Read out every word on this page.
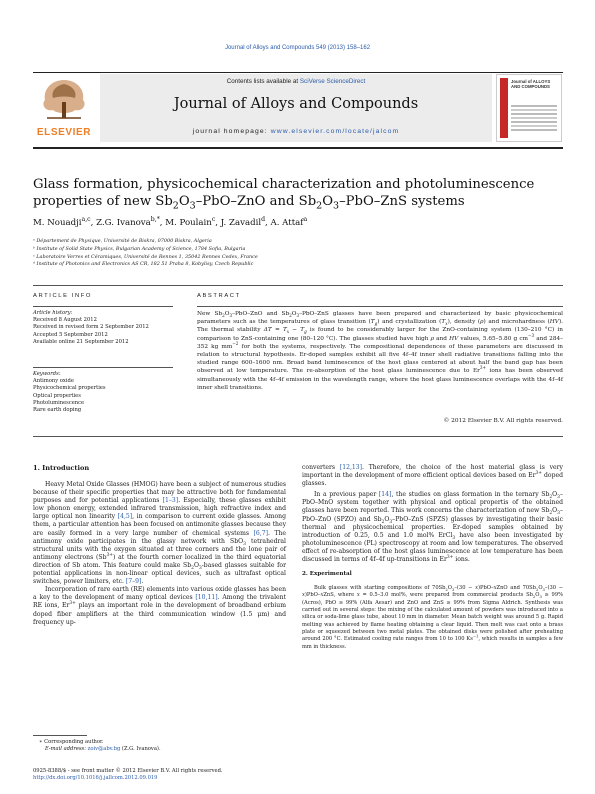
Journal of Alloys and Compounds 549 (2013) 158–162
ELSEVIER
Contents lists available at SciVerse ScienceDirect
Journal of Alloys and Compounds
journal homepage: www.elsevier.com/locate/jalcom
Journal of ALLOYS AND COMPOUNDS
Glass formation, physicochemical characterization and photoluminescence
properties of new $Sb_2O_3-PbO$–ZnO and $Sb_2O_3-PbO$–ZnS systems
M. Nouadji$^{a,c}$, Z.G. Ivanova$^{b,*}$, M. Poulain$^c$, J. Zavadil$^d$, A. Attaf$^a$
ᵃ Département de Physique, Université de Biskra, 07000 Biskra, Algeria
ᵇ Institute of Solid State Physics, Bulgarian Academy of Science, 1784 Sofia, Bulgaria
ᶜ Laboratoire Verres et Céramiques, Université de Rennes 1, 35042 Rennes Cedex, France
ᵈ Institute of Photonics and Electronics AS CR, 182 51 Praha 8, Kobylisy, Czech Republic
ARTICLE INFO
Article history:
Received 8 August 2012
Received in revised form 2 September 2012
Accepted 5 September 2012
Available online 21 September 2012
Keywords:
Antimony oxide
Physicochemical properties
Optical properties
Photoluminescence
Rare earth doping
ABSTRACT
New $Sb_2O_3-PbO$–ZnO and $Sb_2O_3-PbO$–ZnS glasses have been prepared and characterized by basic physicochemical parameters such as the temperatures of glass transition $(T_g)$ and crystallization $(T_x)$, density (ρ) and microhardness (HV). The thermal stability $\Delta T = T_x - T_g$ is found to be considerably larger for the ZnO-containing system (130–210 °C) in comparison to ZnS-containing one (80–120 °C). The glasses studied have high ρ and HV values, 5.65–5.80 g $cm^{-3}$ and 284–352 kg $mm^{-2}$ for both the systems, respectively. The compositional dependences of these parameters are discussed in relation to structural hypothesis. Er-doped samples exhibit all five 4f–4f inner shell radiative transitions falling into the studied range 600–1600 nm. Broad band luminescence of the host glass centered at about half the band gap has been observed at low temperature. The re-absorption of the host glass luminescence due to $Er^{3+}$ ions has been observed simultaneously with the 4f–4f emission in the wavelength range, where the host glass luminescence overlaps with the 4f–4f inner shell transitions.
© 2012 Elsevier B.V. All rights reserved.
1. Introduction

Heavy Metal Oxide Glasses (HMOG) have been a subject of numerous studies because of their specific properties that may be attractive both for fundamental purposes and for potential applications [1–3]. Especially, these glasses exhibit low phonon energy, extended infrared transmission, high refractive index and large optical non linearity [4,5], in comparison to current oxide glasses. Among them, a particular attention has been focused on antimonite glasses because they are easily formed in a very large number of chemical systems [6,7]. The antimony oxide participates in the glassy network with SbO$_3$ tetrahedral structural units with the oxygen situated at three corners and the lone pair of antimony electrons $(Sb^{3+})$ at the fourth corner localized in the third equatorial direction of Sb atom. This feature could make $Sb_2O_3$-based glasses suitable for potential applications in non-linear optical devices, such as ultrafast optical switches, power limiters, etc. [7–9].

Incorporation of rare earth (RE) elements into various oxide glasses has been a key to the development of many optical devices [10,11]. Among the trivalent RE ions, $Er^{3+}$ plays an important role in the development of broadband erbium doped fiber amplifiers at the third communication window (1.5 μm) and frequency up-

converters [12,13]. Therefore, the choice of the host material glass is very important in the development of more efficient optical devices based on $Er^{3+}$ doped glasses.

In a previous paper [14], the studies on glass formation in the ternary $Sb_2O_3-PbO$–MnO system together with physical and optical propertis of the obtained glasses have been reported. This work concerns the characterization of new $Sb_2O_3-PbO$–ZnO (SPZO) and $Sb_2O_3-PbO$–ZnS (SPZS) glasses by investigating their basic thermal and physicochemical properties. Er-doped samples obtained by introduction of 0.25, 0.5 and 1.0 mol% ErCl$_3$ have also been investigated by photoluminescence (PL) spectroscopy at room and low temperatures. The observed effect of re-absorption of the host glass luminescence at low temperature has been discussed in terms of 4f–4f up-transitions in $Er^{3+}$ ions.

2. Experimental

Bulk glasses with starting compositions of $70Sb_2O_3-(30$ − x)PbO–xZnO and $70Sb_2O_3-(30$ − x)PbO–xZnS, where x = 0.5–3.0 mol%, were prepared from commercial products $Sb_2O_3 \ge 99\%$ (Acros), PbO ≥ 99% (Alfa Aesar) and ZnO and ZnS ≥ 99% from Sigma Aldrich. Synthesis was carried out in several steps: the mixing of the calculated amount of powders was introduced into a silica or soda-lime glass tube, about 10 mm in diameter. Mean batch weight was around 5 g. Rapid melting was achieved by flame heating obtaining a clear liquid. Then melt was cast onto a brass plate or squeezed between two metal plates. The obtained disks were polished after preheating around 200 °C. Estimated cooling rate ranges from 10 to 100 $Ks^{-1}$, which results in samples a few mm in thickness.

∗ Corresponding author.
E-mail address: zoiv@abv.bg (Z.G. Ivanova).
0925-8388/$ - see front matter © 2012 Elsevier B.V. All rights reserved.
http://dx.doi.org/10.1016/j.jallcom.2012.09.019
